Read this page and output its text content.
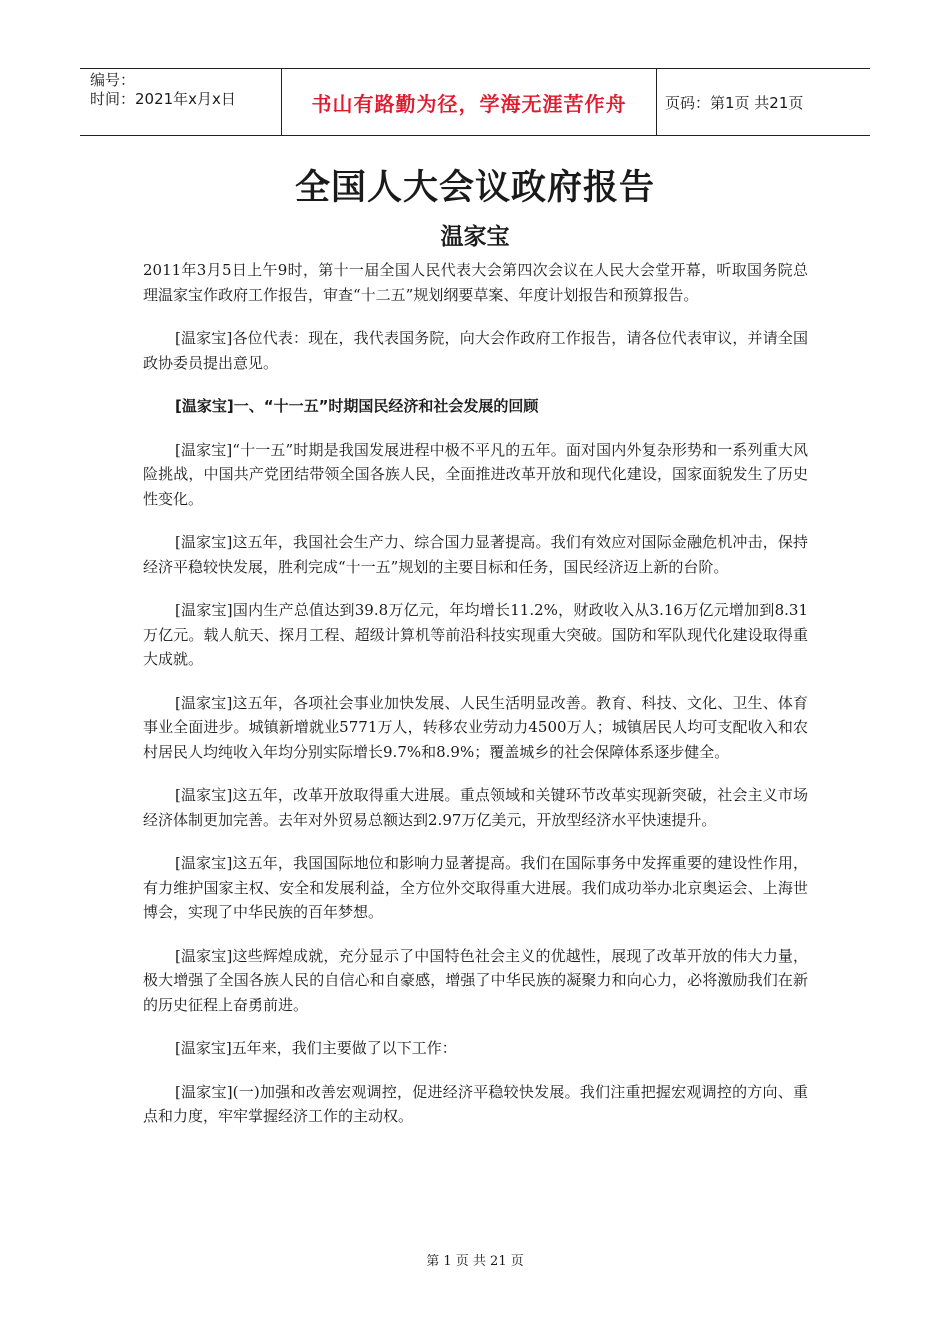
编号：
时间：2021年x月x日	书山有路勤为径，学海无涯苦作舟	页码：第1页 共21页
全国人大会议政府报告
温家宝

2011年3月5日上午9时，第十一届全国人民代表大会第四次会议在人民大会堂开幕，听取国务院总理温家宝作政府工作报告，审查“十二五”规划纲要草案、年度计划报告和预算报告。

[温家宝]各位代表：现在，我代表国务院，向大会作政府工作报告，请各位代表审议，并请全国政协委员提出意见。

[温家宝]一、“十一五”时期国民经济和社会发展的回顾

[温家宝]“十一五”时期是我国发展进程中极不平凡的五年。面对国内外复杂形势和一系列重大风险挑战，中国共产党团结带领全国各族人民，全面推进改革开放和现代化建设，国家面貌发生了历史性变化。

[温家宝]这五年，我国社会生产力、综合国力显著提高。我们有效应对国际金融危机冲击，保持经济平稳较快发展，胜利完成“十一五”规划的主要目标和任务，国民经济迈上新的台阶。

[温家宝]国内生产总值达到39.8万亿元，年均增长11.2%，财政收入从3.16万亿元增加到8.31万亿元。载人航天、探月工程、超级计算机等前沿科技实现重大突破。国防和军队现代化建设取得重大成就。

[温家宝]这五年，各项社会事业加快发展、人民生活明显改善。教育、科技、文化、卫生、体育事业全面进步。城镇新增就业5771万人，转移农业劳动力4500万人；城镇居民人均可支配收入和农村居民人均纯收入年均分别实际增长9.7%和8.9%；覆盖城乡的社会保障体系逐步健全。

[温家宝]这五年，改革开放取得重大进展。重点领域和关键环节改革实现新突破，社会主义市场经济体制更加完善。去年对外贸易总额达到2.97万亿美元，开放型经济水平快速提升。

[温家宝]这五年，我国国际地位和影响力显著提高。我们在国际事务中发挥重要的建设性作用，有力维护国家主权、安全和发展利益，全方位外交取得重大进展。我们成功举办北京奥运会、上海世博会，实现了中华民族的百年梦想。

[温家宝]这些辉煌成就，充分显示了中国特色社会主义的优越性，展现了改革开放的伟大力量，极大增强了全国各族人民的自信心和自豪感，增强了中华民族的凝聚力和向心力，必将激励我们在新的历史征程上奋勇前进。

[温家宝]五年来，我们主要做了以下工作：

[温家宝](一)加强和改善宏观调控，促进经济平稳较快发展。我们注重把握宏观调控的方向、重点和力度，牢牢掌握经济工作的主动权。

第 1 页 共 21 页
